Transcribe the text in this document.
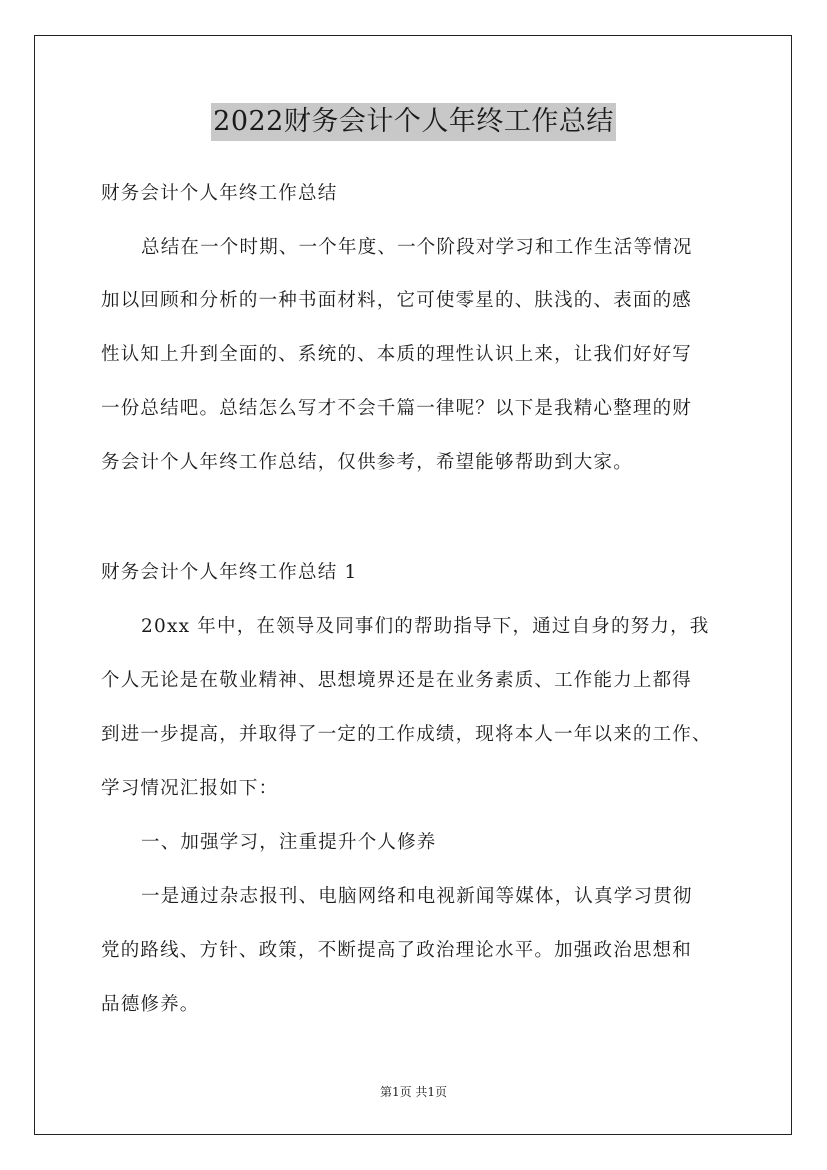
2022财务会计个人年终工作总结
财务会计个人年终工作总结
总结在一个时期、一个年度、一个阶段对学习和工作生活等情况
加以回顾和分析的一种书面材料，它可使零星的、肤浅的、表面的感
性认知上升到全面的、系统的、本质的理性认识上来，让我们好好写
一份总结吧。总结怎么写才不会千篇一律呢？以下是我精心整理的财
务会计个人年终工作总结，仅供参考，希望能够帮助到大家。
财务会计个人年终工作总结 1
20xx 年中，在领导及同事们的帮助指导下，通过自身的努力，我
个人无论是在敬业精神、思想境界还是在业务素质、工作能力上都得
到进一步提高，并取得了一定的工作成绩，现将本人一年以来的工作、
学习情况汇报如下：
一、加强学习，注重提升个人修养
一是通过杂志报刊、电脑网络和电视新闻等媒体，认真学习贯彻
党的路线、方针、政策，不断提高了政治理论水平。加强政治思想和
品德修养。
第1页 共1页
